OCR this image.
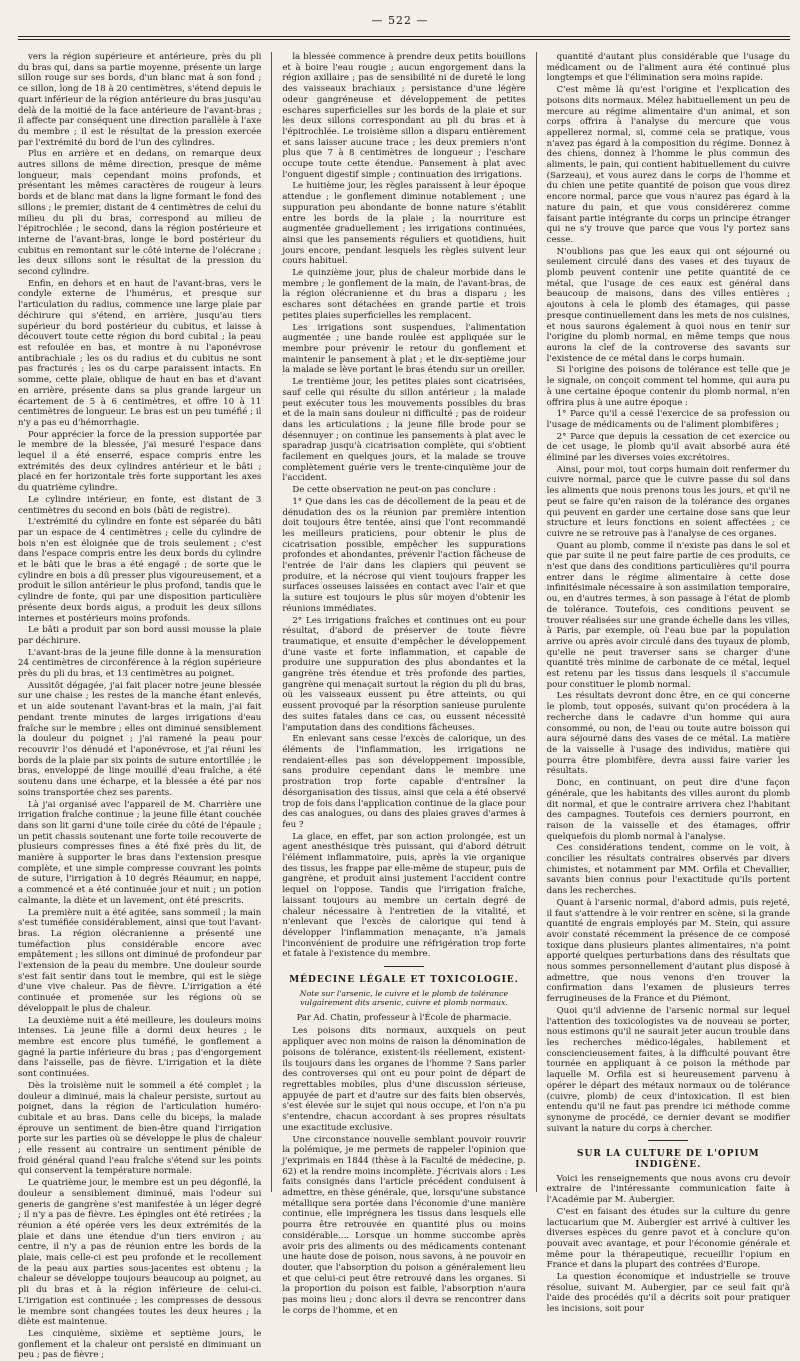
— 522 —

vers la région supérieure et antérieure, près du pli du bras qui, dans sa partie moyenne, présente un large sillon rouge sur ses bords, d'un blanc mat à son fond ; ce sillon, long de 18 à 20 centimètres, s'étend depuis le quart inférieur de la région antérieure du bras jusqu'au delà de la moitié de la face antérieure de l'avant-bras ; il affecte par conséquent une direction parallèle à l'axe du membre ; il est le résultat de la pression exercée par l'extrémité du bord de l'un des cylindres.

Plus en arrière et en dedans, on remarque deux autres sillons de même direction, presque de même longueur, mais cependant moins profonds, et présentant les mêmes caractères de rougeur à leurs bords et de blanc mat dans la ligne formant le fond des sillons ; le premier, distant de 4 centimètres de celui du milieu du pli du bras, correspond au milieu de l'épitrochlée ; le second, dans la région postérieure et interne de l'avant-bras, longe le bord postérieur du cubitus en remontant sur le côté interne de l'olécrane ; les deux sillons sont le résultat de la pression du second cylindre.

Enfin, en dehors et en haut de l'avant-bras, vers le condyle externe de l'humérus, et presque sur l'articulation du radius, commence une large plaie par déchirure qui s'étend, en arrière, jusqu'au tiers supérieur du bord postérieur du cubitus, et laisse à découvert toute cette région du bord cubital ; la peau est refoulée en bas, et montre à nu l'aponévrose antibrachiale ; les os du radius et du cubitus ne sont pas fracturés ; les os du carpe paraissent intacts. En somme, cette plaie, oblique de haut en bas et d'avant en arrière, présente dans sa plus grande largeur un écartement de 5 à 6 centimètres, et offre 10 à 11 centimètres de longueur. Le bras est un peu tuméfié ; il n'y a pas eu d'hémorrhagie.

Pour apprécier la force de la pression supportée par le membre de la blessée, j'ai mesuré l'espace dans lequel il a été enserré, espace compris entre les extrémités des deux cylindres antérieur et le bâti ; placé en fer horizontale très forte supportant les axes du quatrième cylindre.

Le cylindre intérieur, en fonte, est distant de 3 centimètres du second en bois (bâti de registre).

L'extrémité du cylindre en fonte est séparée du bâti par un espace de 4 centimètres ; celle du cylindre de bois n'en est éloignée que de trois seulement ; c'est dans l'espace compris entre les deux bords du cylindre et le bâti que le bras a été engagé ; de sorte que le cylindre en bois a dû presser plus vigoureusement, et a produit le sillon antérieur le plus profond, tandis que le cylindre de fonte, qui par une disposition particulière présente deux bords aigus, a produit les deux sillons internes et postérieurs moins profonds.

Le bâti a produit par son bord aussi mousse la plaie par déchirure.

L'avant-bras de la jeune fille donne à la mensuration 24 centimètres de circonférence à la région supérieure près du pli du bras, et 13 centimètres au poignet.

Aussitôt dégagée, j'ai fait placer notre jeune blessée sur une chaise ; les restes de la manche étant enlevés, et un aide soutenant l'avant-bras et la main, j'ai fait pendant trente minutes de larges irrigations d'eau fraîche sur le membre ; elles ont diminué sensiblement la douleur du poignet ; j'ai ramené la peau pour recouvrir l'os dénudé et l'aponévrose, et j'ai réuni les bords de la plaie par six points de suture entortillée ; le bras, enveloppé de linge mouillé d'eau fraîche, a été soutenu dans une écharpe, et la blessée a été par nos soins transportée chez ses parents.

Là j'ai organisé avec l'appareil de M. Charrière une irrigation fraîche continue ; la jeune fille étant couchée dans son lit garni d'une toile cirée du côté de l'épaule ; un petit chassis soutenant une forte toile recouverte de plusieurs compresses fines a été fixé près du lit, de manière à supporter le bras dans l'extension presque complète, et une simple compresse couvrant les points de suture, l'irrigation à 10 degrés Réaumur, en nappe, a commencé et a été continuée jour et nuit ; un potion calmante, la diète et un lavement, ont été prescrits.

La première nuit a été agitée, sans sommeil ; la main s'est tuméfiée considérablement, ainsi que tout l'avant-bras. La région olécranienne a présenté une tuméfaction plus considérable encore avec empâtement ; les sillons ont diminué de profondeur par l'extension de la peau du membre. Une douleur sourde s'est fait sentir dans tout le membre, qui est le siège d'une vive chaleur. Pas de fièvre. L'irrigation a été continuée et promenée sur les régions où se développait le plus de chaleur.

La deuxième nuit a été meilleure, les douleurs moins intenses. La jeune fille a dormi deux heures ; le membre est encore plus tuméfié, le gonflement a gagné la partie inférieure du bras ; pas d'engorgement dans l'aisselle, pas de fièvre. L'irrigation et la diète sont continuées.

Dès la troisième nuit le sommeil a été complet ; la douleur a diminué, mais la chaleur persiste, surtout au poignet, dans la région de l'articulation huméro-cubitale et au bras. Dans celle du biceps, la malade éprouve un sentiment de bien-être quand l'irrigation porte sur les parties où se développe le plus de chaleur ; elle ressent au contraire un sentiment pénible de froid général quand l'eau fraîche s'étend sur les points qui conservent la température normale.

Le quatrième jour, le membre est un peu dégonflé, la douleur a sensiblement diminué, mais l'odeur sui generis de gangrène s'est manifestée à un léger degré ; il n'y a pas de fièvre. Les épingles ont été retirées ; la réunion a été opérée vers les deux extrémités de la plaie et dans une étendue d'un tiers environ ; au centre, il n'y a pas de réunion entre les bords de la plaie, mais celle-ci est peu profonde et le recollement de la peau aux parties sous-jacentes est obtenu ; la chaleur se développe toujours beaucoup au poignet, au pli du bras et à la région inférieure de celui-ci. L'irrigation est continuée ; les compresses de dessous le membre sont changées toutes les deux heures ; la diète est maintenue.

Les cinquième, sixième et septième jours, le gonflement et la chaleur ont persisté en diminuant un peu ; pas de fièvre ;

la blessée commence à prendre deux petits bouillons et à boire l'eau rougie ; aucun engorgement dans la région axillaire ; pas de sensibilité ni de dureté le long des vaisseaux brachiaux ; persistance d'une légère odeur gangréneuse et développement de petites eschares superficielles sur les bords de la plaie et sur les deux sillons correspondant au pli du bras et à l'épitrochlée. Le troisième sillon a disparu entièrement et sans laisser aucune trace ; les deux premiers n'ont plus que 7 à 8 centimètres de longueur ; l'eschare occupe toute cette étendue. Pansement à plat avec l'onguent digestif simple ; continuation des irrigations.

Le huitième jour, les règles paraissent à leur époque attendue ; le gonflement diminue notablement ; une suppuration peu abondante de bonne nature s'établit entre les bords de la plaie ; la nourriture est augmentée graduellement ; les irrigations continuées, ainsi que les pansements réguliers et quotidiens, huit jours encore, pendant lesquels les règles suivent leur cours habituel.

Le quinzième jour, plus de chaleur morbide dans le membre ; le gonflement de la main, de l'avant-bras, de la région olécranienne et du bras a disparu ; les eschares sont détachées en grande partie et trois petites plaies superficielles les remplacent.

Les irrigations sont suspendues, l'alimentation augmentée ; une bande roulée est appliquée sur le membre pour prévenir le retour du gonflement et maintenir le pansement à plat ; et le dix-septième jour la malade se lève portant le bras étendu sur un oreiller.

Le trentième jour, les petites plaies sont cicatrisées, sauf celle qui résulte du sillon antérieur ; la malade peut exécuter tous les mouvements possibles du bras et de la main sans douleur ni difficulté ; pas de roideur dans les articulations ; la jeune fille brode pour se désennuyer ; on continue les pansements à plat avec le sparadrap jusqu'à cicatrisation complète, qui s'obtient facilement en quelques jours, et la malade se trouve complètement guérie vers le trente-cinquième jour de l'accident.

De cette observation ne peut-on pas conclure :

1° Que dans les cas de décollement de la peau et de dénudation des os la réunion par première intention doit toujours être tentée, ainsi que l'ont recommandé les meilleurs praticiens, pour obtenir le plus de cicatrisation possible, empêcher les suppurations profondes et abondantes, prévenir l'action fâcheuse de l'entrée de l'air dans les clapiers qui peuvent se produire, et la nécrose qui vient toujours frapper les surfaces osseuses laissées en contact avec l'air et que la suture est toujours le plus sûr moyen d'obtenir les réunions immédiates.

2° Les irrigations fraîches et continues ont eu pour résultat, d'abord de préserver de toute fièvre traumatique, et ensuite d'empêcher le développement d'une vaste et forte inflammation, et capable de produire une suppuration des plus abondantes et la gangrène très étendue et très profonde des parties, gangrène qui menaçait surtout la région du pli du bras, où les vaisseaux eussent pu être atteints, ou qui eussent provoqué par la résorption sanieuse purulente des suites fatales dans ce cas, ou eussent nécessité l'amputation dans des conditions fâcheuses.

En enlevant sans cesse l'excès de calorique, un des éléments de l'inflammation, les irrigations ne rendaient-elles pas son développement impossible, sans produire cependant dans le membre une prostration trop forte capable d'entraîner la désorganisation des tissus, ainsi que cela a été observé trop de fois dans l'application continue de la glace pour des cas analogues, ou dans des plaies graves d'armes à feu ?

La glace, en effet, par son action prolongée, est un agent anesthésique très puissant, qui d'abord détruit l'élément inflammatoire, puis, après la vie organique des tissus, les frappe par elle-même de stupeur, puis de gangrène, et produit ainsi justement l'accident contre lequel on l'oppose. Tandis que l'irrigation fraîche, laissant toujours au membre un certain degré de chaleur nécessaire à l'entretien de la vitalité, et n'enlevant que l'excès de calorique qui tend à développer l'inflammation menaçante, n'a jamais l'inconvénient de produire une réfrigération trop forte et fatale à l'existence du membre.

MÉDECINE LÉGALE ET TOXICOLOGIE.
Note sur l'arsenic, le cuivre et le plomb de tolérance vulgairement dits arsenic, cuivre et plomb normaux.
Par Ad. Chatin, professeur à l'École de pharmacie.

Les poisons dits normaux, auxquels on peut appliquer avec non moins de raison la dénomination de poisons de tolérance, existent-ils réellement, existent-ils toujours dans les organes de l'homme ? Sans parler des controverses qui ont eu pour point de départ de regrettables mobiles, plus d'une discussion sérieuse, appuyée de part et d'autre sur des faits bien observés, s'est élevée sur le sujet qui nous occupe, et l'on n'a pu s'entendre, chacun accordant à ses propres résultats une exactitude exclusive.

Une circonstance nouvelle semblant pouvoir rouvrir la polémique, je me permets de rappeler l'opinion que j'exprimais en 1844 (thèse à la Faculté de médecine, p. 62) et la rendre moins incomplète. J'écrivais alors : Les faits consignés dans l'article précédent conduisent à admettre, en thèse générale, que, lorsqu'une substance métallique sera portée dans l'économie d'une manière continue, elle imprégnera les tissus dans lesquels elle pourra être retrouvée en quantité plus ou moins considérable.... Lorsque un homme succombe après avoir pris des aliments ou des médicaments contenant une haute dose de poison, nous savons, à ne pouvoir en douter, que l'absorption du poison a généralement lieu et que celui-ci peut être retrouvé dans les organes. Si la proportion du poison est faible, l'absorption n'aura pas moins lieu ; donc alors il devra se rencontrer dans le corps de l'homme, et en

quantité d'autant plus considérable que l'usage du médicament ou de l'aliment aura été continué plus longtemps et que l'élimination sera moins rapide.

C'est même là qu'est l'origine et l'explication des poisons dits normaux. Mélez habituellement un peu de mercure au régime alimentaire d'un animal, et son corps offrira à l'analyse du mercure que vous appellerez normal, si, comme cela se pratique, vous n'avez pas égard à la composition du régime. Donnez à des chiens, donnez à l'homme le plus commun des aliments, le pain, qui contient habituellement du cuivre (Sarzeau), et vous aurez dans le corps de l'homme et du chien une petite quantité de poison que vous direz encore normal, parce que vous n'aurez pas égard à la nature du pain, et que vous considérerez comme faisant partie intégrante du corps un principe étranger qui ne s'y trouve que parce que vous l'y portez sans cesse.

N'oublions pas que les eaux qui ont séjourné ou seulement circulé dans des vases et des tuyaux de plomb peuvent contenir une petite quantité de ce métal, que l'usage de ces eaux est général dans beaucoup de maisons, dans des villes entières ; ajoutons à cela le plomb des étamages, qui passe presque continuellement dans les mets de nos cuisines, et nous saurons également à quoi nous en tenir sur l'origine du plomb normal, en même temps que nous aurons la clef de la controverse des savants sur l'existence de ce métal dans le corps humain.

Si l'origine des poisons de tolérance est telle que je le signale, on conçoit comment tel homme, qui aura pu à une certaine époque contenir du plomb normal, n'en offrira plus à une autre époque :

1° Parce qu'il a cessé l'exercice de sa profession ou l'usage de médicaments ou de l'aliment plombifères ;

2° Parce que depuis la cessation de cet exercice ou de cet usage, le plomb qu'il avait absorbé aura été éliminé par les diverses voies excrétoires.

Ainsi, pour moi, tout corps humain doit renfermer du cuivre normal, parce que le cuivre passe du sol dans les aliments que nous prenons tous les jours, et qu'il ne peut se faire qu'en raison de la tolérance des organes qui peuvent en garder une certaine dose sans que leur structure et leurs fonctions en soient affectées ; ce cuivre ne se retrouve pas à l'analyse de ces organes.

Quant au plomb, comme il n'existe pas dans le sol et que par suite il ne peut faire partie de ces produits, ce n'est que dans des conditions particulières qu'il pourra entrer dans le régime alimentaire à cette dose infinitésimale nécessaire à son assimilation temporaire, ou, en d'autres termes, à son passage à l'état de plomb de tolérance. Toutefois, ces conditions peuvent se trouver réalisées sur une grande échelle dans les villes, à Paris, par exemple, où l'eau bue par la population arrive ou après avoir circulé dans des tuyaux de plomb, qu'elle ne peut traverser sans se charger d'une quantité très minime de carbonate de ce métal, lequel est retenu par les tissus dans lesquels il s'accumule pour constituer le plomb normal.

Les résultats devront donc être, en ce qui concerne le plomb, tout opposés, suivant qu'on procédera à la recherche dans le cadavre d'un homme qui aura consommé, ou non, de l'eau ou toute autre boisson qui aura séjourné dans des vases de ce métal. La matière de la vaisselle à l'usage des individus, matière qui pourra être plombifère, devra aussi faire varier les résultats.

Donc, en continuant, on peut dire d'une façon générale, que les habitants des villes auront du plomb dit normal, et que le contraire arrivera chez l'habitant des campagnes. Toutefois ces derniers pourront, en raison de la vaisselle et des étamages, offrir quelquefois du plomb normal à l'analyse.

Ces considérations tendent, comme on le voit, à concilier les résultats contraires observés par divers chimistes, et notamment par MM. Orfila et Chevallier, savants bien connus pour l'exactitude qu'ils portent dans les recherches.

Quant à l'arsenic normal, d'abord admis, puis rejeté, il faut s'attendre à le voir rentrer en scène, si la grande quantité de engrais employés par M. Stein, qui assure avoir constaté récemment la présence de ce composé toxique dans plusieurs plantes alimentaires, n'a point apporté quelques perturbations dans des résultats que nous sommes personnellement d'autant plus disposé à admettre, que nous venons d'en trouver la confirmation dans l'examen de plusieurs terres ferrugineuses de la France et du Piémont.

Quoi qu'il advienne de l'arsenic normal sur lequel l'attention des toxicologistes va de nouveau se porter, nous estimons qu'il ne saurait jeter aucun trouble dans les recherches médico-légales, habilement et consciencieusement faites, à la difficulté pouvant être tournée en appliquant à ce poison la méthode par laquelle M. Orfila est si heureusement parvenu à opérer le départ des métaux normaux ou de tolérance (cuivre, plomb) de ceux d'intoxication. Il est bien entendu qu'il ne faut pas prendre ici méthode comme synonyme de procédé, ce dernier devant se modifier suivant la nature du corps à chercher.

SUR LA CULTURE DE L'OPIUM INDIGÈNE.

Voici les renseignements que nous avons cru devoir extraire de l'intéressante communication faite à l'Académie par M. Aubergier.

C'est en faisant des études sur la culture du genre lactucarium que M. Aubergier est arrivé à cultiver les diverses espèces du genre pavot et à conclure qu'on pouvait avec avantage, et pour l'économie générale et même pour la thérapeutique, recueillir l'opium en France et dans la plupart des contrées d'Europe.

La question économique et industrielle se trouve résolue, suivant M. Aubergier, par ce seul fait qu'à l'aide des procédés qu'il a décrits soit pour pratiquer les incisions, soit pour
